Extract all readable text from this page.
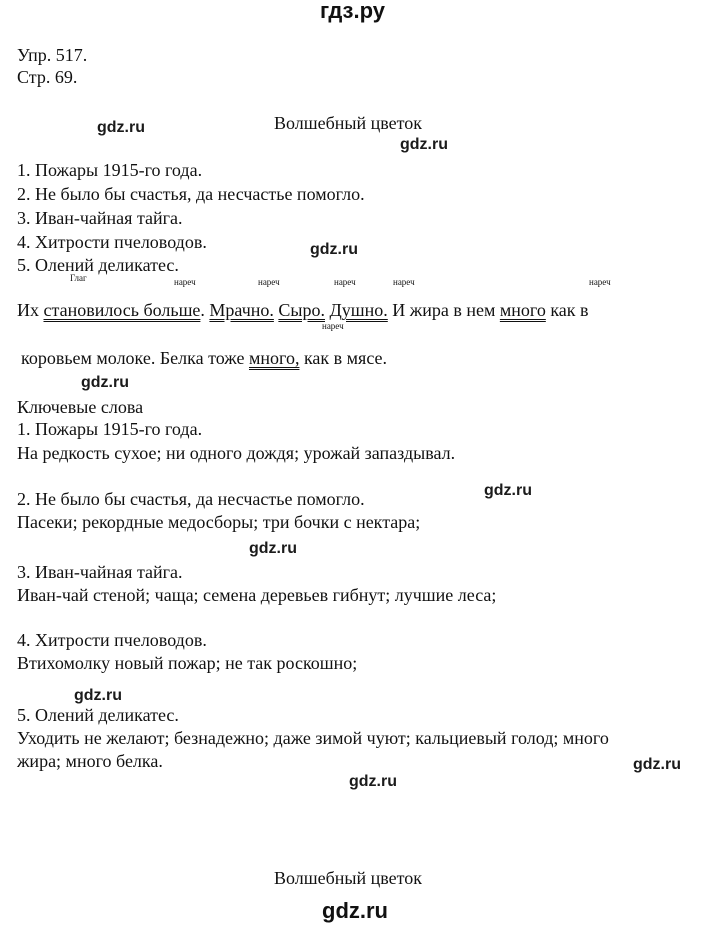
гдз.ру
Упр. 517.
Стр. 69.
gdz.ru	Волшебный цветок
gdz.ru
1. Пожары 1915-го года.
2. Не было бы счастья, да несчастье помогло.
3. Иван-чайная тайга.
4. Хитрости пчеловодов.	gdz.ru
5. Олений деликатес.
Глаг	нареч	нареч	нареч	нареч	нареч
Их становилось больше. Мрачно. Сыро. Душно. И жира в нем много как в
нареч
коровьем молоке. Белка тоже много, как в мясе.
gdz.ru
Ключевые слова
1. Пожары 1915-го года.
На редкость сухое; ни одного дождя; урожай запаздывал.
2. Не было бы счастья, да несчастье помогло.	gdz.ru
Пасеки; рекордные медосборы; три бочки с нектара;
gdz.ru
3. Иван-чайная тайга.
Иван-чай стеной; чаща; семена деревьев гибнут; лучшие леса;
4. Хитрости пчеловодов.
Втихомолку новый пожар; не так роскошно;
gdz.ru
5. Олений деликатес.
Уходить не желают; безнадежно; даже зимой чуют; кальциевый голод; много
жира; много белка.	gdz.ru
gdz.ru
Волшебный цветок
gdz.ru
